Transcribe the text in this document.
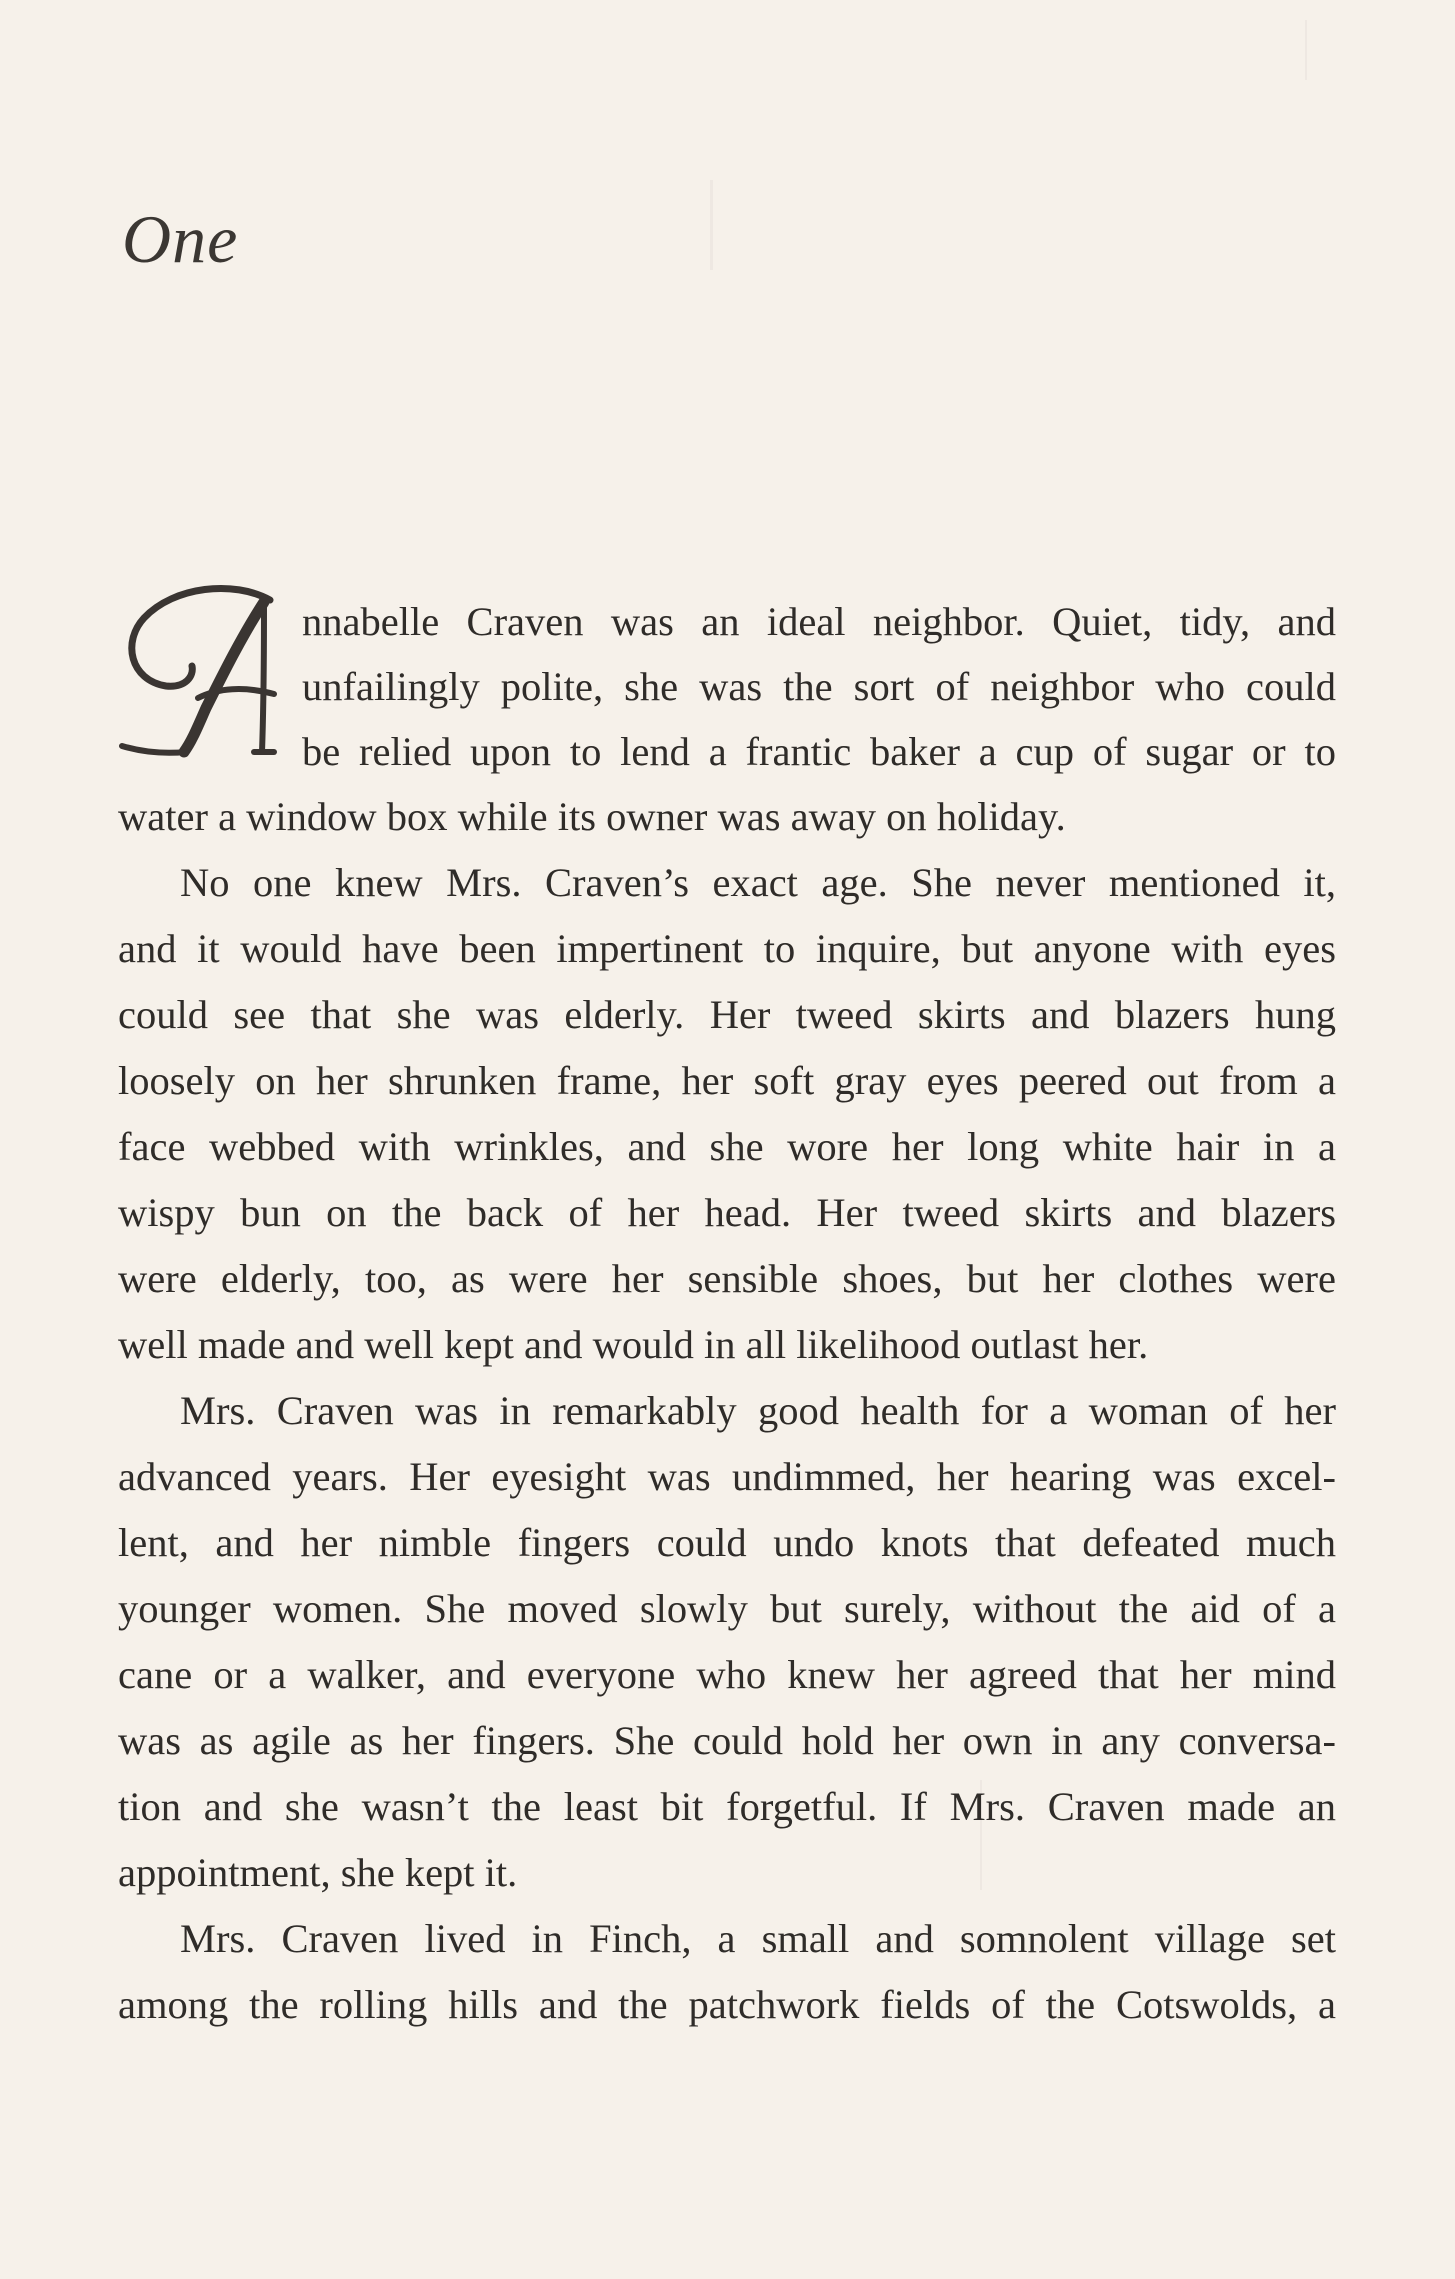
One
nnabelle Craven was an ideal neighbor. Quiet, tidy, and
unfailingly polite, she was the sort of neighbor who could
be relied upon to lend a frantic baker a cup of sugar or to
water a window box while its owner was away on holiday.
No one knew Mrs. Craven’s exact age. She never mentioned it,
and it would have been impertinent to inquire, but anyone with eyes
could see that she was elderly. Her tweed skirts and blazers hung
loosely on her shrunken frame, her soft gray eyes peered out from a
face webbed with wrinkles, and she wore her long white hair in a
wispy bun on the back of her head. Her tweed skirts and blazers
were elderly, too, as were her sensible shoes, but her clothes were
well made and well kept and would in all likelihood outlast her.
Mrs. Craven was in remarkably good health for a woman of her
advanced years. Her eyesight was undimmed, her hearing was excel-
lent, and her nimble fingers could undo knots that defeated much
younger women. She moved slowly but surely, without the aid of a
cane or a walker, and everyone who knew her agreed that her mind
was as agile as her fingers. She could hold her own in any conversa-
tion and she wasn’t the least bit forgetful. If Mrs. Craven made an
appointment, she kept it.
Mrs. Craven lived in Finch, a small and somnolent village set
among the rolling hills and the patchwork fields of the Cotswolds, a
